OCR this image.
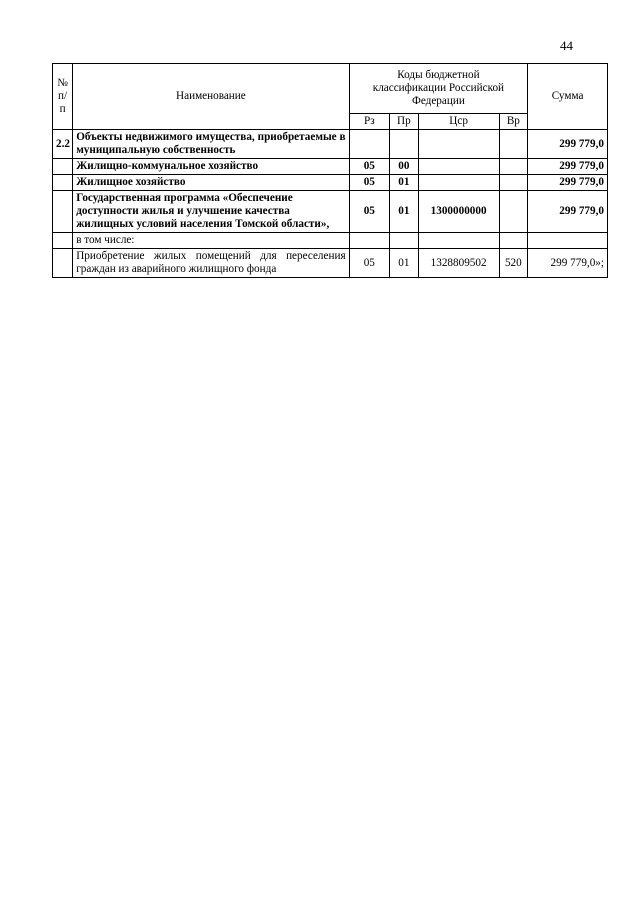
44
№ п/п	Наименование	Коды бюджетной классификации Российской Федерации				Сумма
		Рз	Пр	Цср	Вр	
2.2	Объекты недвижимого имущества, приобретаемые в муниципальную собственность					299 779,0
	Жилищно-коммунальное хозяйство	05	00			299 779,0
	Жилищное хозяйство	05	01			299 779,0
	Государственная программа «Обеспечение доступности жилья и улучшение качества жилищных условий населения Томской области»,	05	01	1300000000		299 779,0
	в том числе:					
	Приобретение жилых помещений для переселения граждан из аварийного жилищного фонда	05	01	1328809502	520	299 779,0»;
